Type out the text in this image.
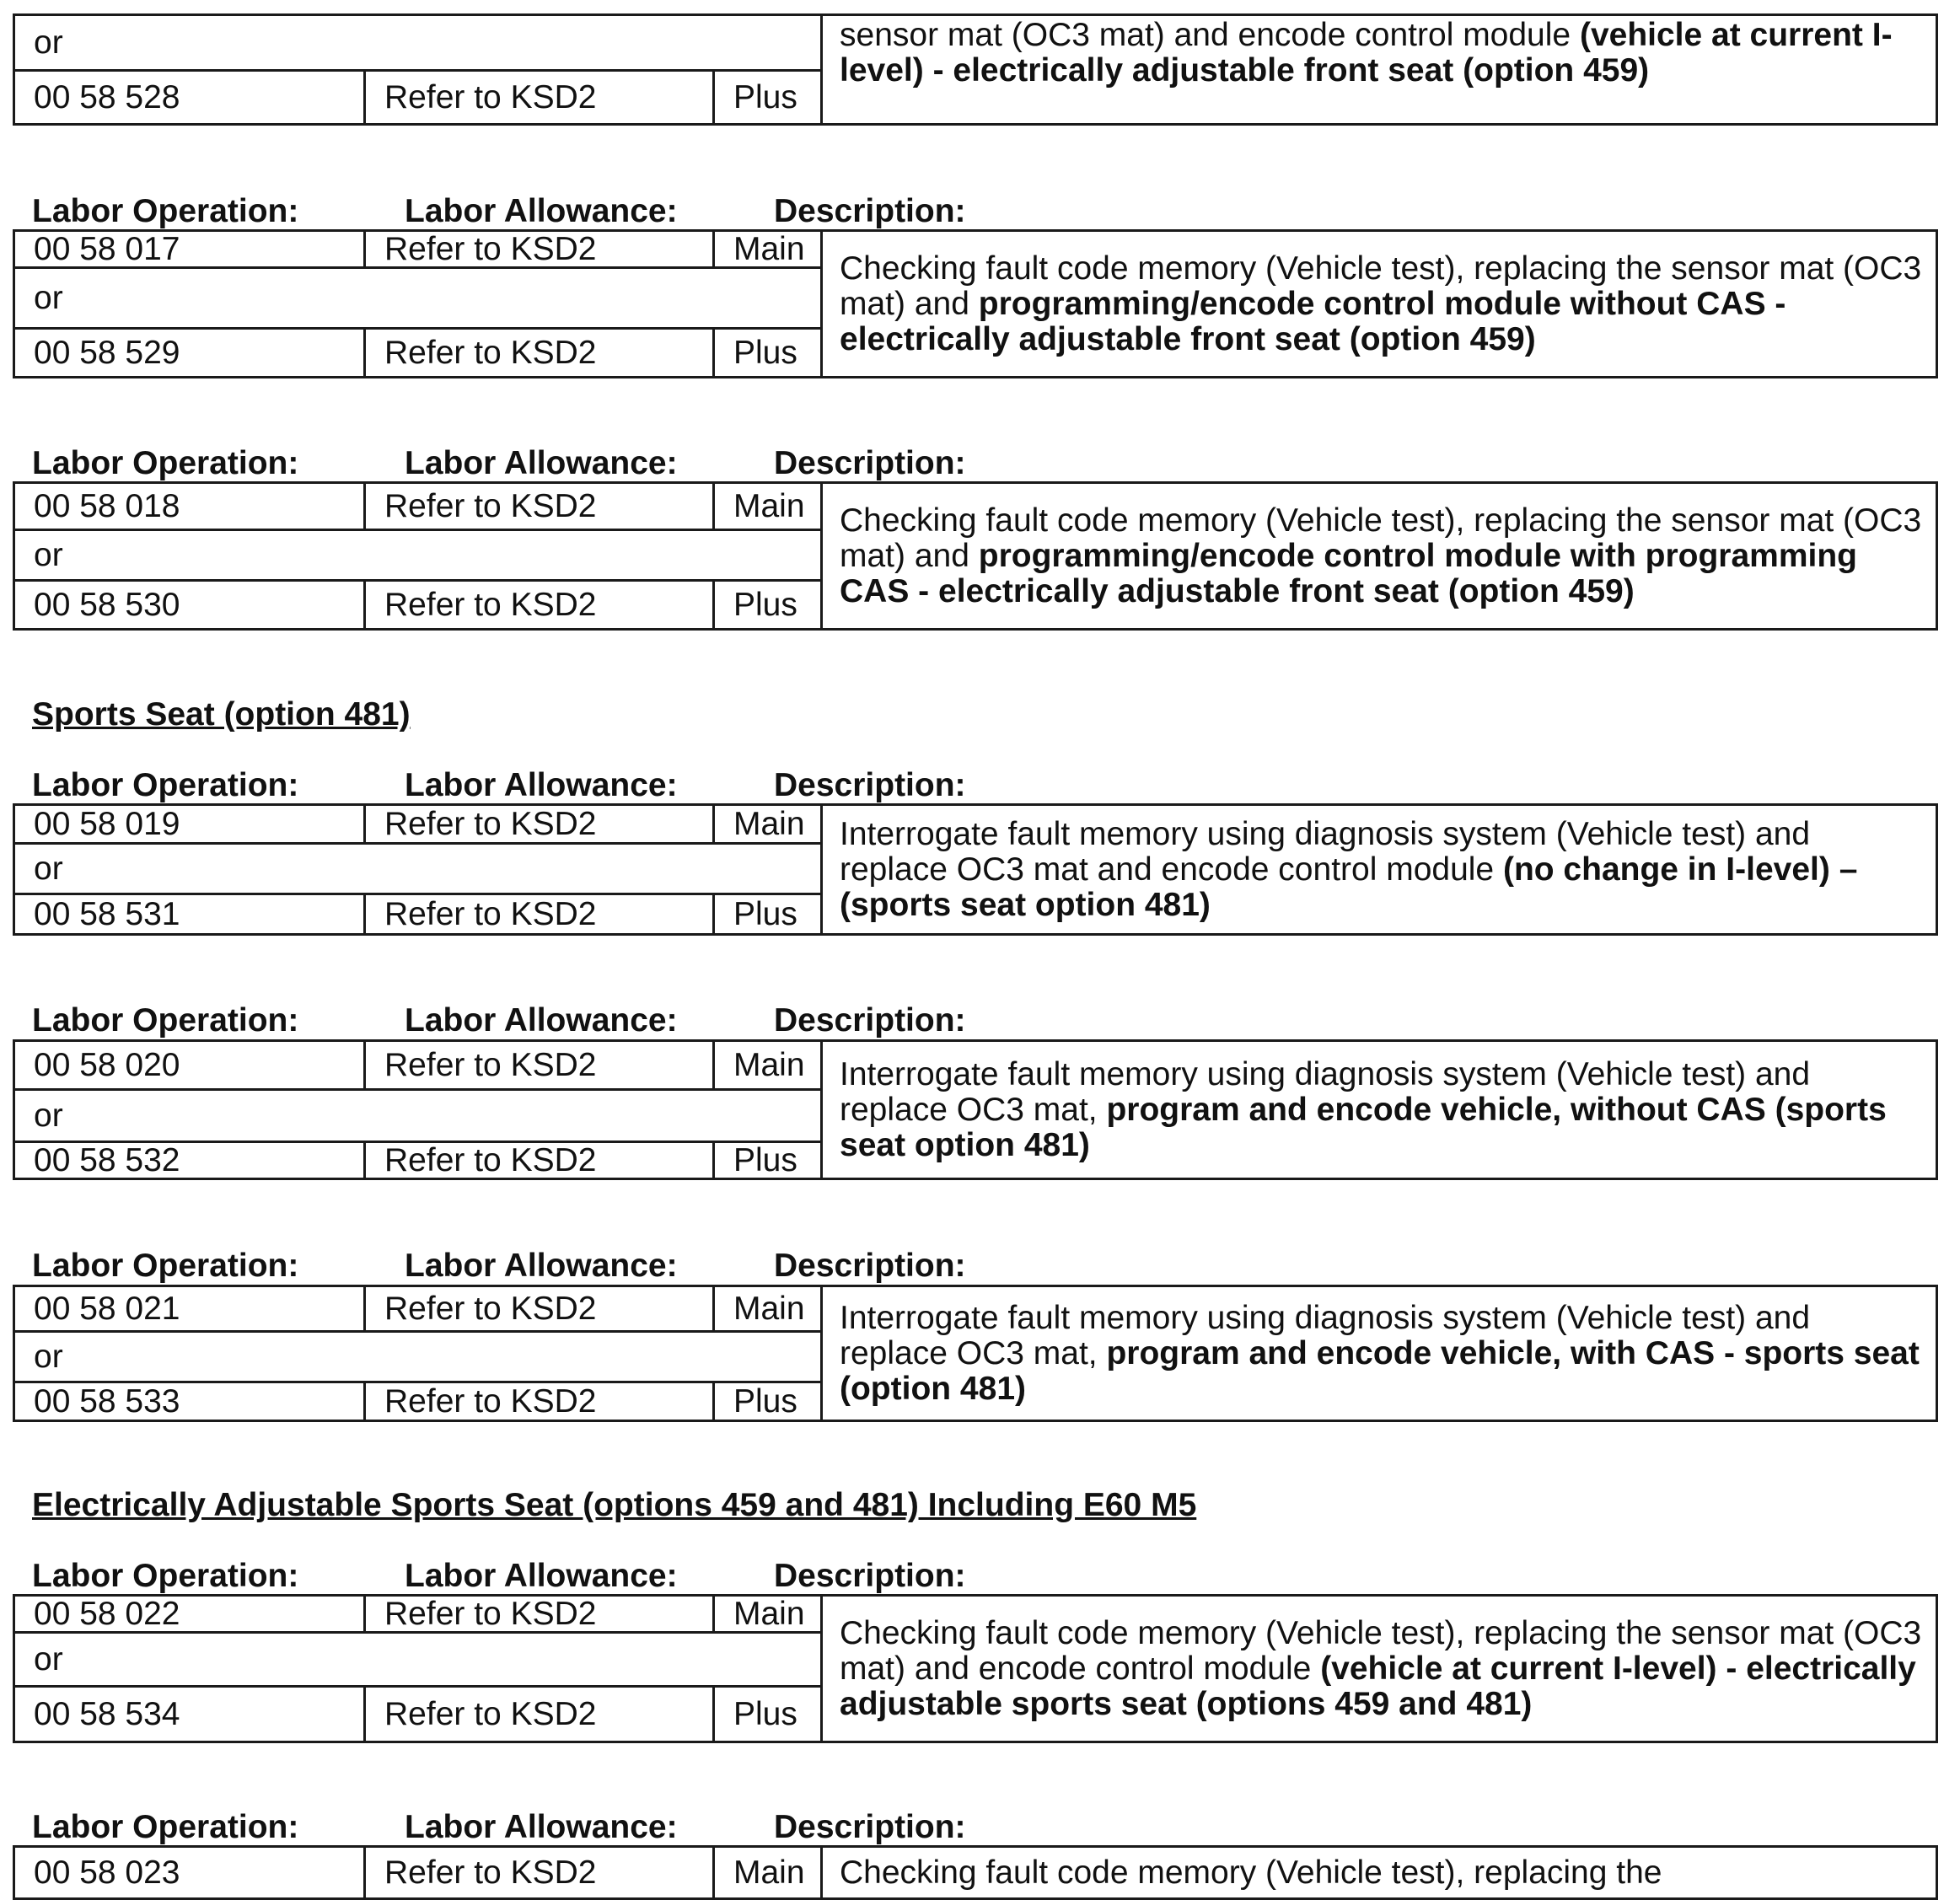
or			sensor mat (OC3 mat) and encode control module (vehicle at current I-level) - electrically adjustable front seat (option 459)
00 58 528	Refer to KSD2	Plus	
Labor Operation:	Labor Allowance:	Description:
00 58 017	Refer to KSD2	Main	Checking fault code memory (Vehicle test), replacing the sensor mat (OC3 mat) and programming/encode control module without CAS - electrically adjustable front seat (option 459)
or			
00 58 529	Refer to KSD2	Plus	
Labor Operation:	Labor Allowance:	Description:
00 58 018	Refer to KSD2	Main	Checking fault code memory (Vehicle test), replacing the sensor mat (OC3 mat) and programming/encode control module with programming CAS - electrically adjustable front seat (option 459)
or			
00 58 530	Refer to KSD2	Plus	
Sports Seat (option 481)
Labor Operation:	Labor Allowance:	Description:
00 58 019	Refer to KSD2	Main	Interrogate fault memory using diagnosis system (Vehicle test) and replace OC3 mat and encode control module (no change in I-level) – (sports seat option 481)
or			
00 58 531	Refer to KSD2	Plus	
Labor Operation:	Labor Allowance:	Description:
00 58 020	Refer to KSD2	Main	Interrogate fault memory using diagnosis system (Vehicle test) and replace OC3 mat, program and encode vehicle, without CAS (sports seat option 481)
or			
00 58 532	Refer to KSD2	Plus	
Labor Operation:	Labor Allowance:	Description:
00 58 021	Refer to KSD2	Main	Interrogate fault memory using diagnosis system (Vehicle test) and replace OC3 mat, program and encode vehicle, with CAS - sports seat (option 481)
or			
00 58 533	Refer to KSD2	Plus	
Electrically Adjustable Sports Seat (options 459 and 481) Including E60 M5
Labor Operation:	Labor Allowance:	Description:
00 58 022	Refer to KSD2	Main	Checking fault code memory (Vehicle test), replacing the sensor mat (OC3 mat) and encode control module (vehicle at current I-level) - electrically adjustable sports seat (options 459 and 481)
or			
00 58 534	Refer to KSD2	Plus	
Labor Operation:	Labor Allowance:	Description:
00 58 023	Refer to KSD2	Main	Checking fault code memory (Vehicle test), replacing the
